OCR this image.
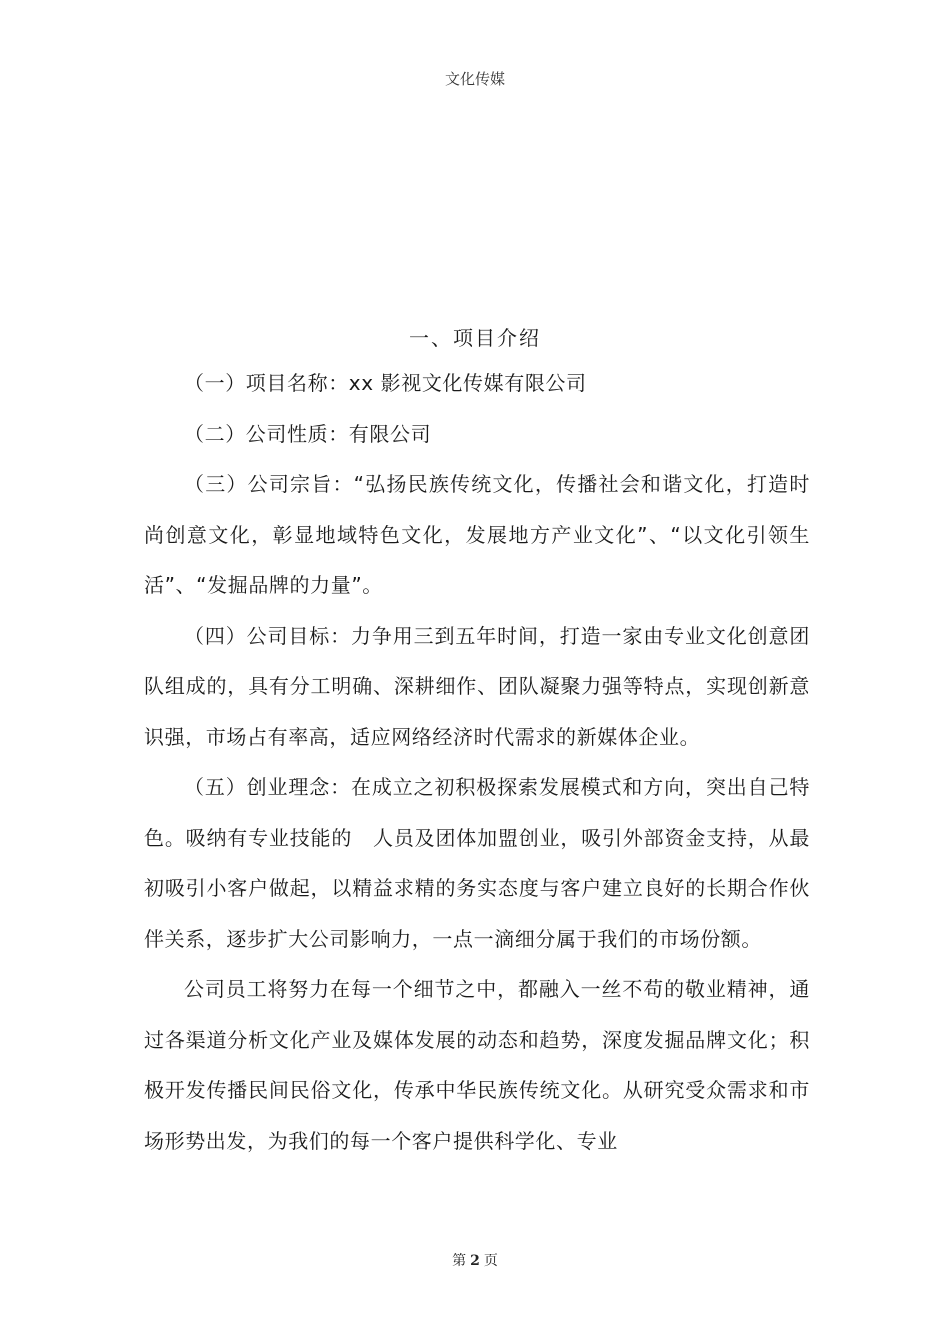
文化传媒
一、项目介绍

（一）项目名称：xx 影视文化传媒有限公司

（二）公司性质：有限公司

（三）公司宗旨：“弘扬民族传统文化，传播社会和谐文化，打造时尚创意文化，彰显地域特色文化，发展地方产业文化”、“以文化引领生活”、“发掘品牌的力量”。

（四）公司目标：力争用三到五年时间，打造一家由专业文化创意团队组成的，具有分工明确、深耕细作、团队凝聚力强等特点，实现创新意识强，市场占有率高，适应网络经济时代需求的新媒体企业。

（五）创业理念：在成立之初积极探索发展模式和方向，突出自己特色。吸纳有专业技能的　人员及团体加盟创业，吸引外部资金支持，从最初吸引小客户做起，以精益求精的务实态度与客户建立良好的长期合作伙伴关系，逐步扩大公司影响力，一点一滴细分属于我们的市场份额。

公司员工将努力在每一个细节之中，都融入一丝不苟的敬业精神，通过各渠道分析文化产业及媒体发展的动态和趋势，深度发掘品牌文化；积极开发传播民间民俗文化，传承中华民族传统文化。从研究受众需求和市场形势出发，为我们的每一个客户提供科学化、专业

第 2 页
